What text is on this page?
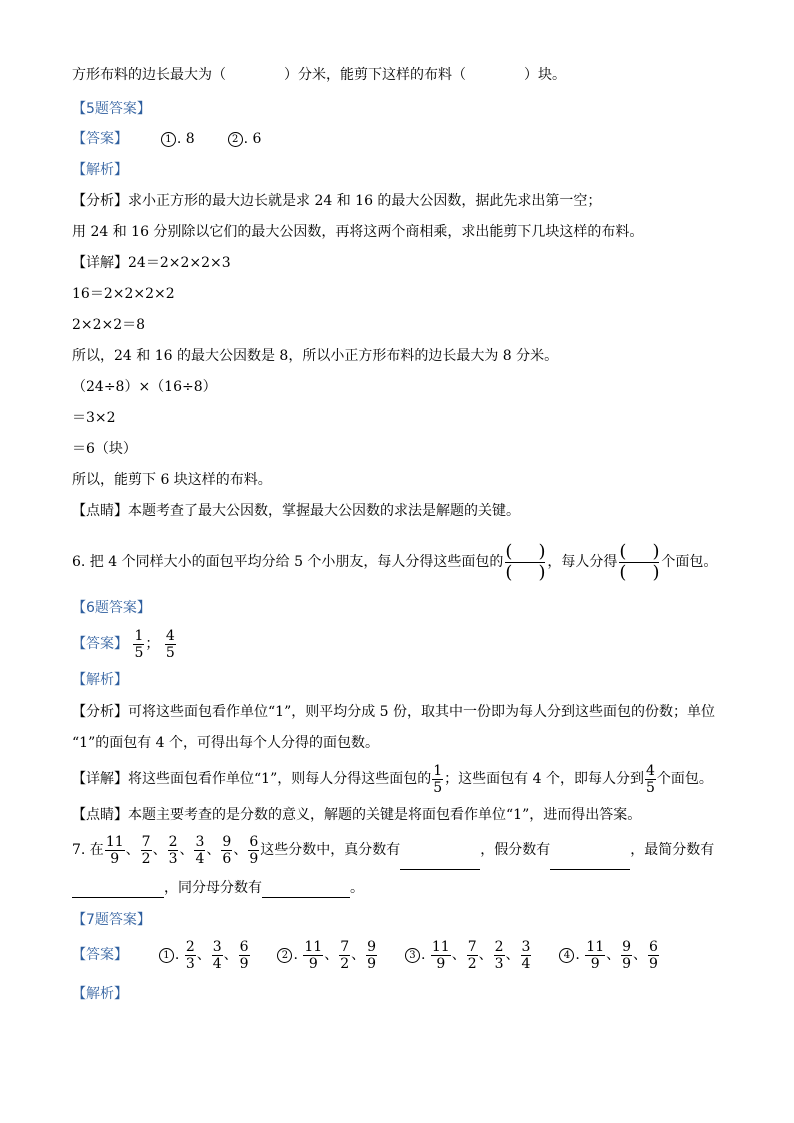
方形布料的边长最大为（	）分米，能剪下这样的布料（	）块。
【5题答案】
【答案】	1 . 8	2 . 6
【解析】
【分析】求小正方形的最大边长就是求 24 和 16 的最大公因数，据此先求出第一空；
用 24 和 16 分别除以它们的最大公因数，再将这两个商相乘，求出能剪下几块这样的布料。
【详解】24＝2×2×2×3
16＝2×2×2×2
2×2×2＝8
所以，24 和 16 的最大公因数是 8，所以小正方形布料的边长最大为 8 分米。
（24÷8）×（16÷8）
＝3×2
＝6（块）
所以，能剪下 6 块这样的布料。
【点睛】本题考查了最大公因数，掌握最大公因数的求法是解题的关键。
6. 把 4 个同样大小的面包平均分给 5 个小朋友，每人分得这些面包的
( )
( ) ，每人分得
( )
( ) 个面包。
【6题答案】
【答案】 $\frac{1}{5}$ ； $\frac{4}{5}$
【解析】
【分析】可将这些面包看作单位“1”，则平均分成 5 份，取其中一份即为每人分到这些面包的份数；单位
“1”的面包有 4 个，可得出每个人分得的面包数。
【详解】将这些面包看作单位“1”，则每人分得这些面包的 $\frac{1}{5}$ ；这些面包有 4 个，即每人分到 $\frac{4}{5}$ 个面包。
【点睛】本题主要考查的是分数的意义，解题的关键是将面包看作单位“1”，进而得出答案。
7. 在 $\frac{11}{9}$ 、 $\frac{7}{2}$ 、 $\frac{2}{3}$ 、 $\frac{3}{4}$ 、 $\frac{9}{6}$ 、 $\frac{6}{9}$ 这些分数中，真分数有	，假分数有	，最简分数有
，同分母分数有	。
【7题答案】
【答案】	1 . $\frac{2}{3}$ 、 $\frac{3}{4}$ 、 $\frac{6}{9}$	2 . $\frac{11}{9}$ 、 $\frac{7}{2}$ 、 $\frac{9}{9}$	3 . $\frac{11}{9}$ 、 $\frac{7}{2}$ 、 $\frac{2}{3}$ 、 $\frac{3}{4}$	4 . $\frac{11}{9}$ 、 $\frac{9}{9}$ 、 $\frac{6}{9}$
【解析】
